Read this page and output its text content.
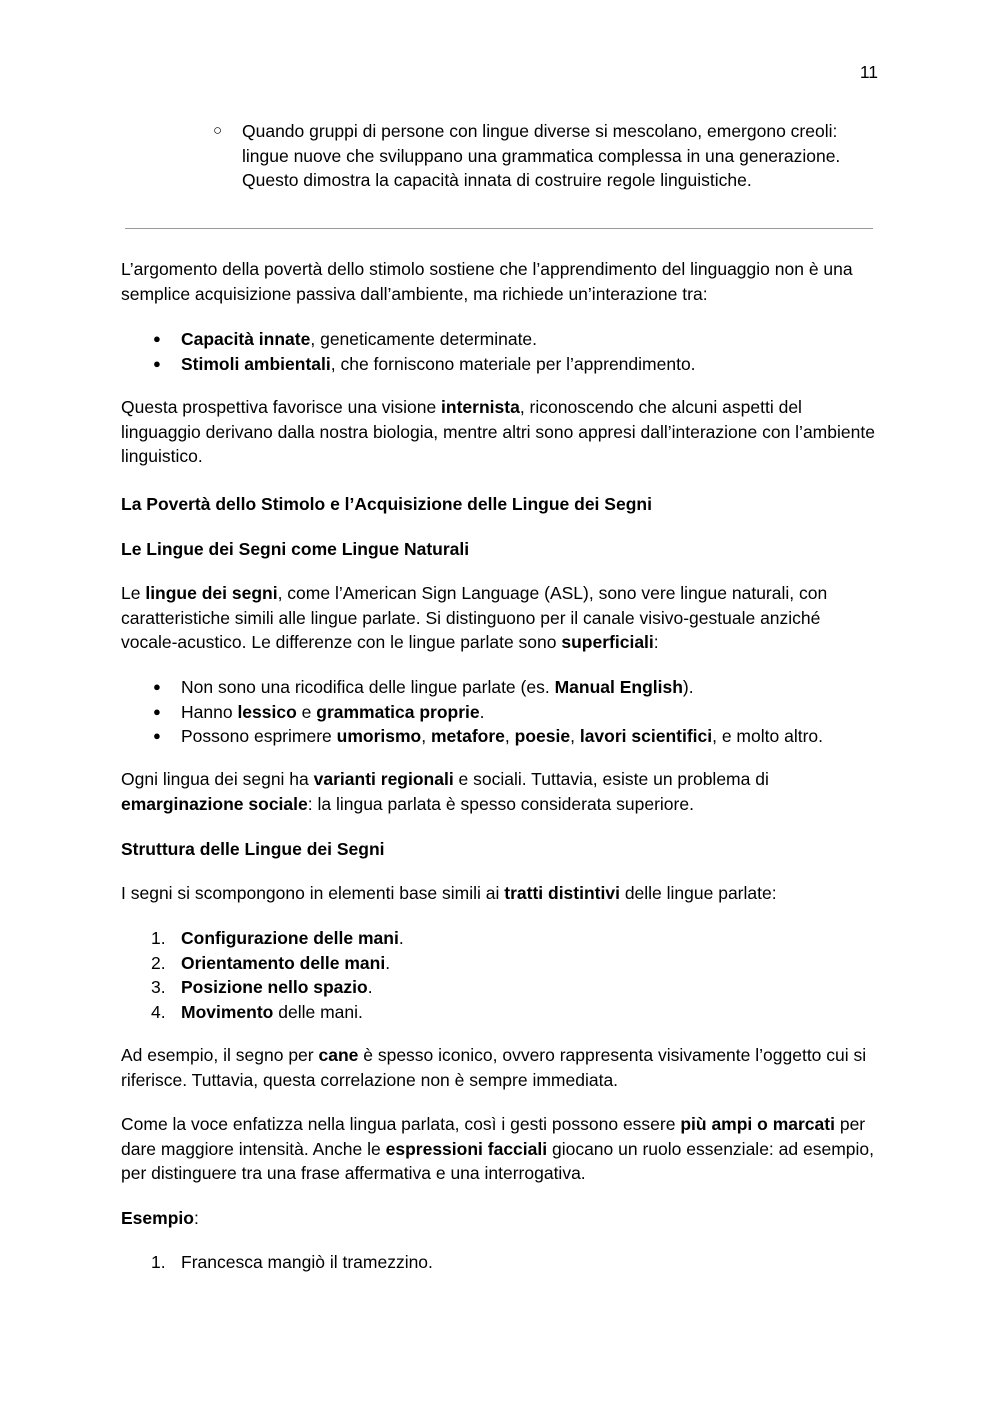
11
○ Quando gruppi di persone con lingue diverse si mescolano, emergono creoli: lingue nuove che sviluppano una grammatica complessa in una generazione. Questo dimostra la capacità innata di costruire regole linguistiche.

L’argomento della povertà dello stimolo sostiene che l’apprendimento del linguaggio non è una semplice acquisizione passiva dall’ambiente, ma richiede un’interazione tra:

● Capacità innate, geneticamente determinate.
● Stimoli ambientali, che forniscono materiale per l’apprendimento.

Questa prospettiva favorisce una visione internista, riconoscendo che alcuni aspetti del linguaggio derivano dalla nostra biologia, mentre altri sono appresi dall’interazione con l’ambiente linguistico.

La Povertà dello Stimolo e l’Acquisizione delle Lingue dei Segni
Le Lingue dei Segni come Lingue Naturali

Le lingue dei segni, come l’American Sign Language (ASL), sono vere lingue naturali, con caratteristiche simili alle lingue parlate. Si distinguono per il canale visivo-gestuale anziché vocale-acustico. Le differenze con le lingue parlate sono superficiali:

● Non sono una ricodifica delle lingue parlate (es. Manual English).
● Hanno lessico e grammatica proprie.
● Possono esprimere umorismo, metafore, poesie, lavori scientifici, e molto altro.

Ogni lingua dei segni ha varianti regionali e sociali. Tuttavia, esiste un problema di emarginazione sociale: la lingua parlata è spesso considerata superiore.

Struttura delle Lingue dei Segni

I segni si scompongono in elementi base simili ai tratti distintivi delle lingue parlate:

1. Configurazione delle mani.
2. Orientamento delle mani.
3. Posizione nello spazio.
4. Movimento delle mani.

Ad esempio, il segno per cane è spesso iconico, ovvero rappresenta visivamente l’oggetto cui si riferisce. Tuttavia, questa correlazione non è sempre immediata.

Come la voce enfatizza nella lingua parlata, così i gesti possono essere più ampi o marcati per dare maggiore intensità. Anche le espressioni facciali giocano un ruolo essenziale: ad esempio, per distinguere tra una frase affermativa e una interrogativa.

Esempio:

1. Francesca mangiò il tramezzino.
